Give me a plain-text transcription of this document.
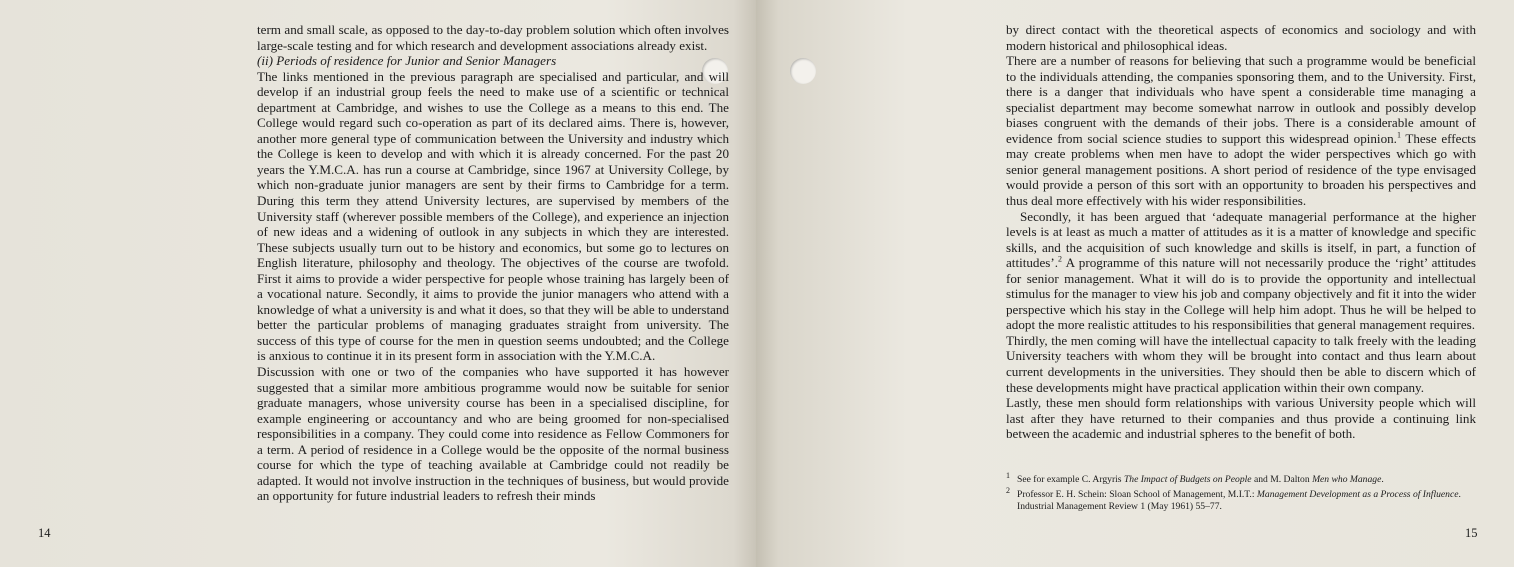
term and small scale, as opposed to the day-to-day problem solution which often involves large-scale testing and for which research and development associations already exist.

(ii) Periods of residence for Junior and Senior Managers

The links mentioned in the previous paragraph are specialised and particular, and will develop if an industrial group feels the need to make use of a scientific or technical department at Cambridge, and wishes to use the College as a means to this end. The College would regard such co-operation as part of its declared aims. There is, however, another more general type of communication between the University and industry which the College is keen to develop and with which it is already concerned. For the past 20 years the Y.M.C.A. has run a course at Cambridge, since 1967 at University College, by which non-graduate junior managers are sent by their firms to Cambridge for a term. During this term they attend University lectures, are supervised by members of the University staff (wherever possible members of the College), and experience an injection of new ideas and a widening of outlook in any subjects in which they are interested. These subjects usually turn out to be history and economics, but some go to lectures on English literature, philosophy and theology. The objectives of the course are twofold. First it aims to provide a wider perspective for people whose training has largely been of a vocational nature. Secondly, it aims to provide the junior managers who attend with a knowledge of what a university is and what it does, so that they will be able to understand better the particular problems of managing graduates straight from university. The success of this type of course for the men in question seems undoubted; and the College is anxious to continue it in its present form in association with the Y.M.C.A.

Discussion with one or two of the companies who have supported it has however suggested that a similar more ambitious programme would now be suitable for senior graduate managers, whose university course has been in a specialised discipline, for example engineering or accountancy and who are being groomed for non-specialised responsibilities in a company. They could come into residence as Fellow Commoners for a term. A period of residence in a College would be the opposite of the normal business course for which the type of teaching available at Cambridge could not readily be adapted. It would not involve instruction in the techniques of business, but would provide an opportunity for future industrial leaders to refresh their minds

14

by direct contact with the theoretical aspects of economics and sociology and with modern historical and philosophical ideas.

There are a number of reasons for believing that such a programme would be beneficial to the individuals attending, the companies sponsoring them, and to the University. First, there is a danger that individuals who have spent a considerable time managing a specialist department may become somewhat narrow in outlook and possibly develop biases congruent with the demands of their jobs. There is a considerable amount of evidence from social science studies to support this widespread opinion.$^1$ These effects may create problems when men have to adopt the wider perspectives which go with senior general management positions. A short period of residence of the type envisaged would provide a person of this sort with an opportunity to broaden his perspectives and thus deal more effectively with his wider responsibilities.

Secondly, it has been argued that ‘adequate managerial performance at the higher levels is at least as much a matter of attitudes as it is a matter of knowledge and specific skills, and the acquisition of such knowledge and skills is itself, in part, a function of attitudes’.$^2$ A programme of this nature will not necessarily produce the ‘right’ attitudes for senior management. What it will do is to provide the opportunity and intellectual stimulus for the manager to view his job and company objectively and fit it into the wider perspective which his stay in the College will help him adopt. Thus he will be helped to adopt the more realistic attitudes to his responsibilities that general management requires.

Thirdly, the men coming will have the intellectual capacity to talk freely with the leading University teachers with whom they will be brought into contact and thus learn about current developments in the universities. They should then be able to discern which of these developments might have practical application within their own company.

Lastly, these men should form relationships with various University people which will last after they have returned to their companies and thus provide a continuing link between the academic and industrial spheres to the benefit of both.

$^1$ See for example C. Argyris The Impact of Budgets on People and M. Dalton Men who Manage.

$^2$ Professor E. H. Schein: Sloan School of Management, M.I.T.: Management Development as a Process of Influence. Industrial Management Review 1 (May 1961) 55–77.

15
